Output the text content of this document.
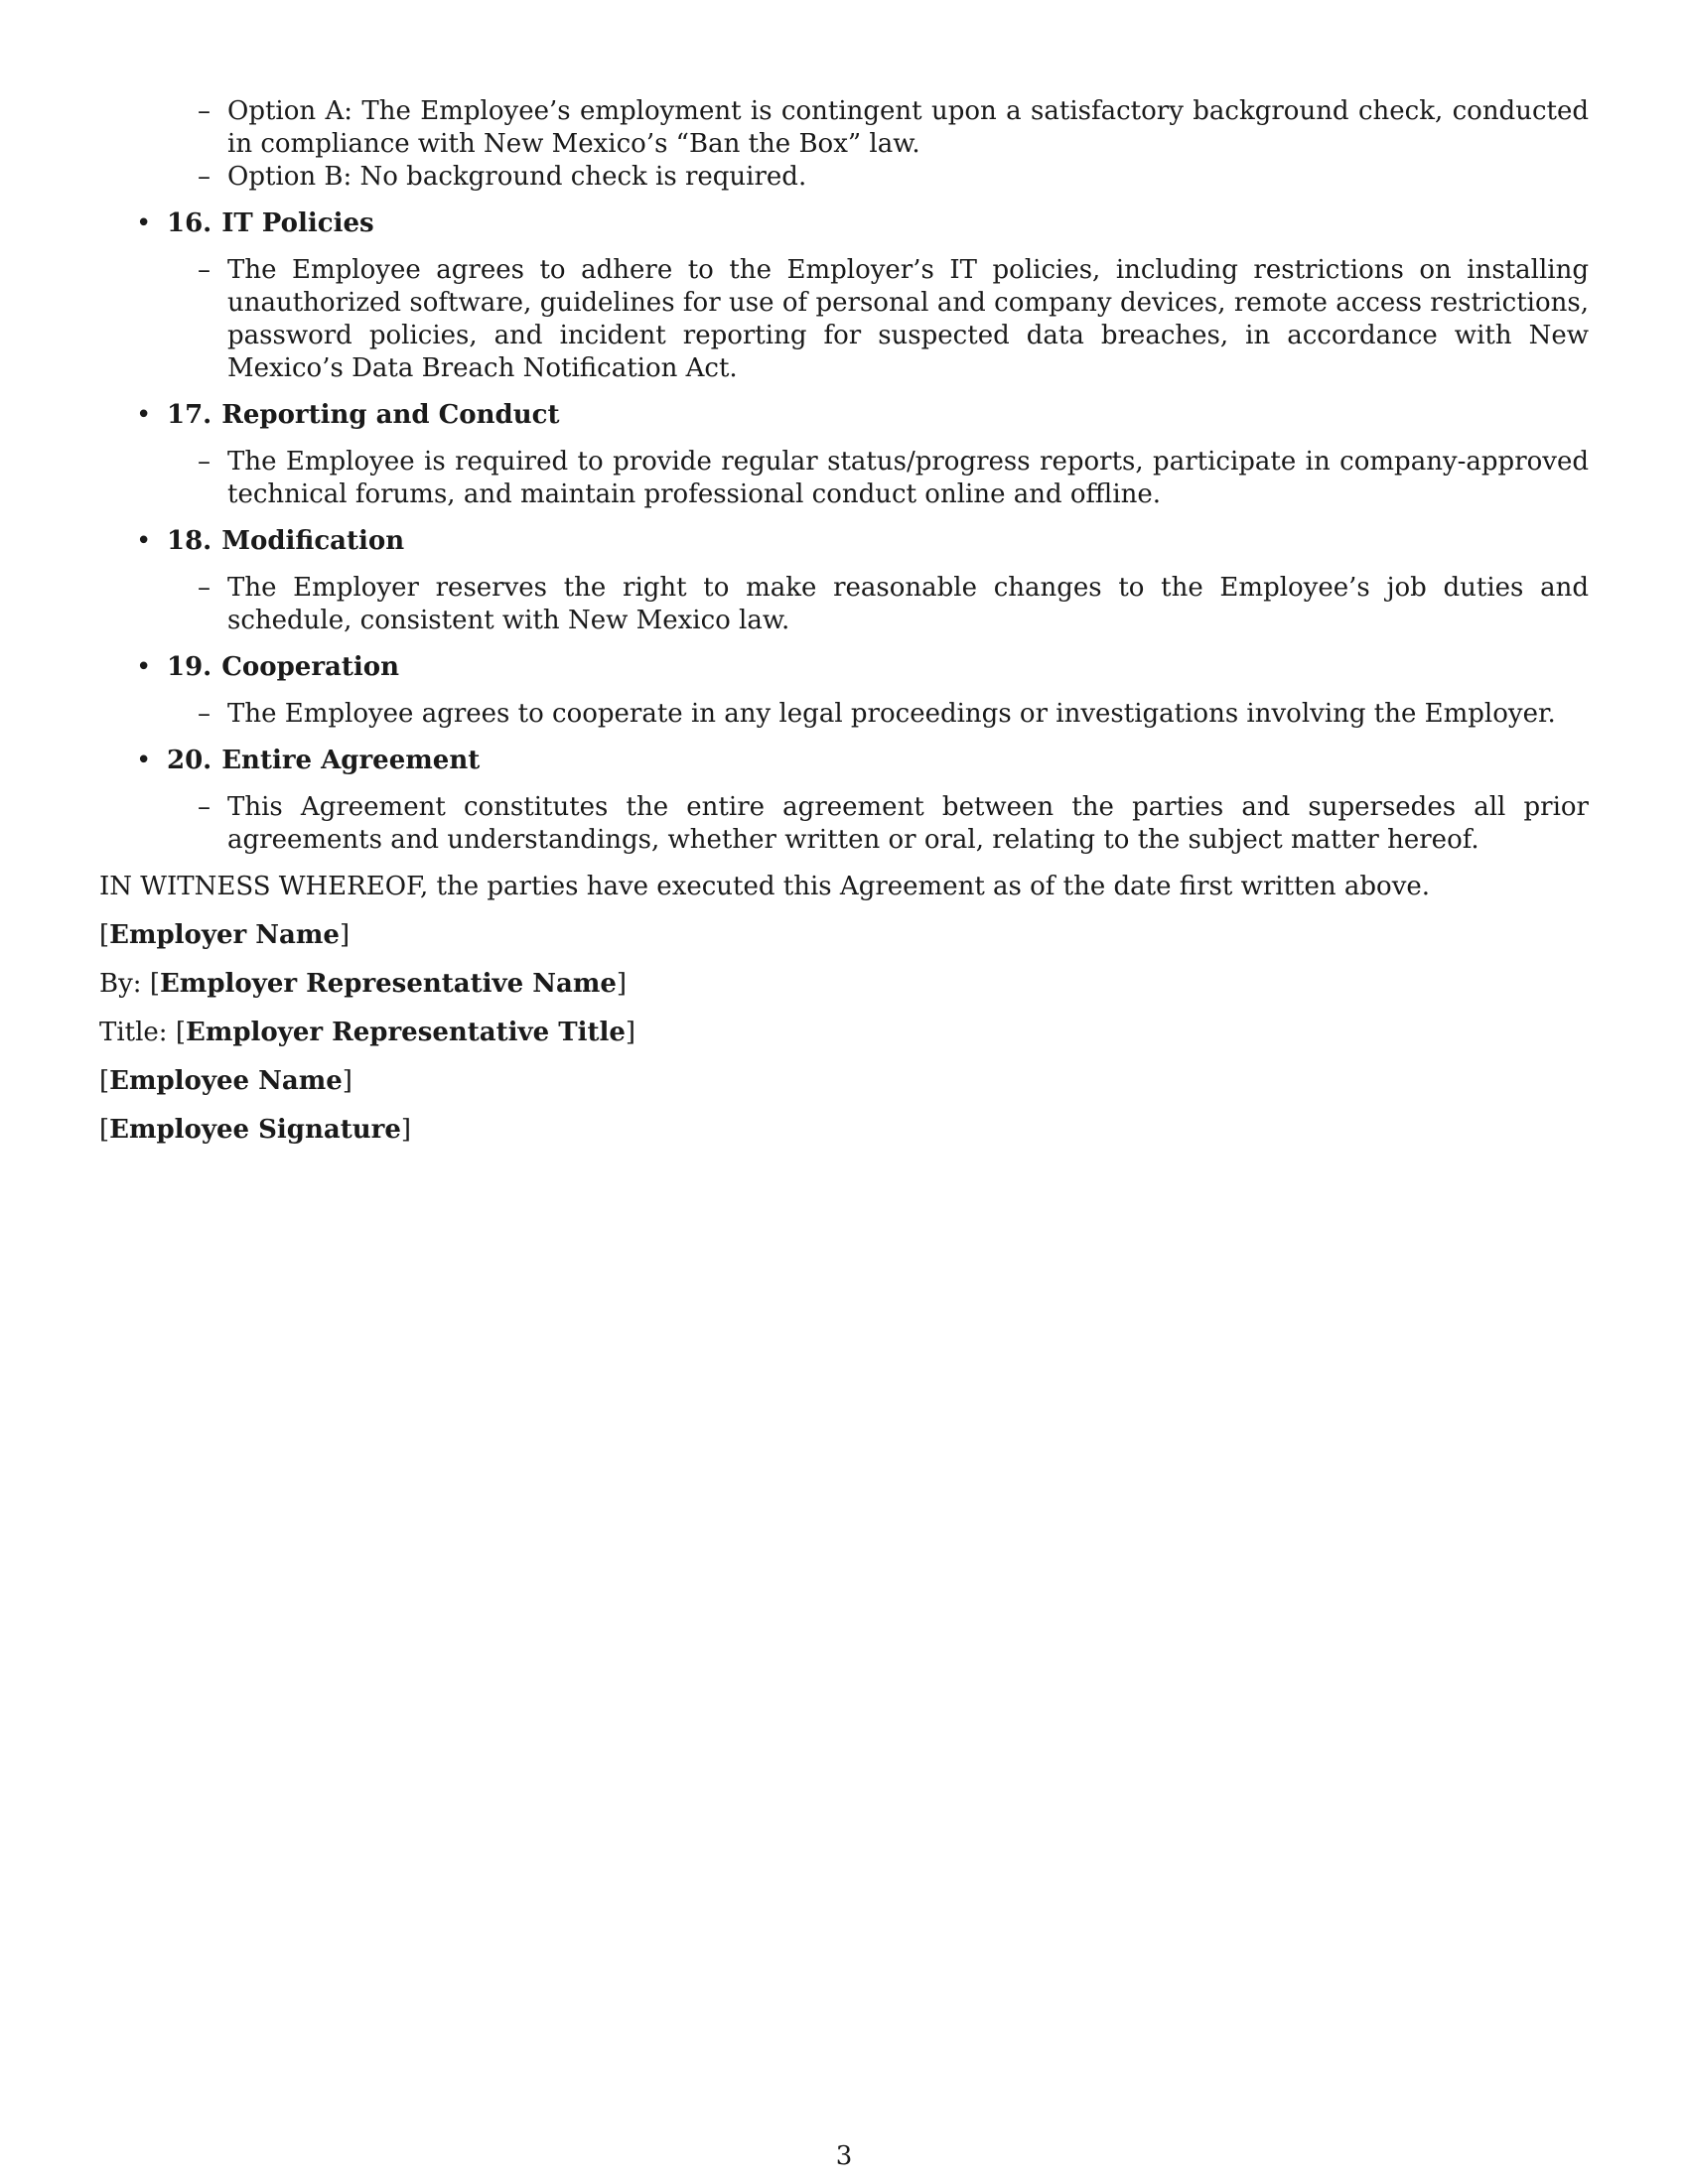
– Option A: The Employee’s employment is contingent upon a satisfactory background check, conducted in compliance with New Mexico’s “Ban the Box” law.
– Option B: No background check is required.
• 16. IT Policies
– The Employee agrees to adhere to the Employer’s IT policies, including restrictions on installing unauthorized software, guidelines for use of personal and company devices, remote access restrictions, password policies, and incident reporting for suspected data breaches, in accordance with New Mexico’s Data Breach Notification Act.
• 17. Reporting and Conduct
– The Employee is required to provide regular status/progress reports, participate in company-approved technical forums, and maintain professional conduct online and offline.
• 18. Modification
– The Employer reserves the right to make reasonable changes to the Employee’s job duties and schedule, consistent with New Mexico law.
• 19. Cooperation
– The Employee agrees to cooperate in any legal proceedings or investigations involving the Employer.
• 20. Entire Agreement
– This Agreement constitutes the entire agreement between the parties and supersedes all prior agreements and understandings, whether written or oral, relating to the subject matter hereof.

IN WITNESS WHEREOF, the parties have executed this Agreement as of the date first written above.

[Employer Name]
By: [Employer Representative Name]
Title: [Employer Representative Title]
[Employee Name]
[Employee Signature]
3
